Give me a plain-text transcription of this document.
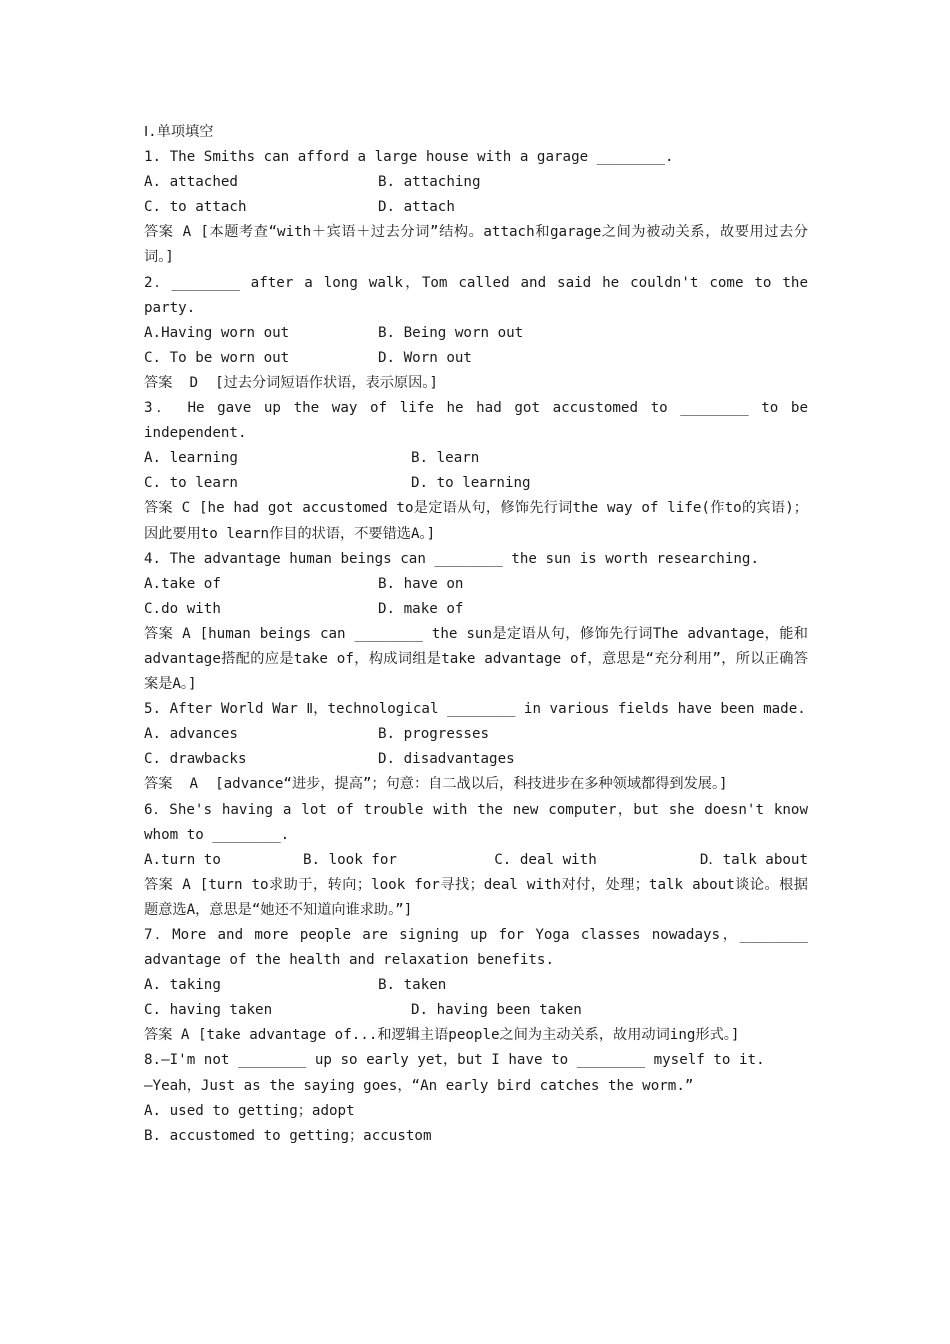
Ⅰ.单项填空
1. The Smiths can afford a large house with a garage ________.
A. attached	B. attaching
C. to attach	D. attach
答案 A [本题考查“with＋宾语＋过去分词”结构。attach和garage之间为被动关系，故要用过去分词。]
2．________ after a long walk，Tom called and said he couldn't come to the party.
A.Having worn out	B. Being worn out
C. To be worn out	D. Worn out
答案  D  [过去分词短语作状语，表示原因。]
3． He gave up the way of life he had got accustomed to ________ to be independent.
A. learning	B. learn
C. to learn	D. to learning
答案 C [he had got accustomed to是定语从句，修饰先行词the way of life(作to的宾语)；因此要用to learn作目的状语，不要错选A。]
4. The advantage human beings can ________ the sun is worth researching.
A.take of	B. have on
C.do with	D. make of
答案 A [human beings can ________ the sun是定语从句，修饰先行词The advantage，能和advantage搭配的应是take of，构成词组是take advantage of，意思是“充分利用”，所以正确答案是A。]
5. After World War Ⅱ，technological ________ in various fields have been made.
A. advances	B. progresses
C. drawbacks	D. disadvantages
答案  A  [advance“进步，提高”；句意：自二战以后，科技进步在多种领域都得到发展。]
6．She's having a lot of trouble with the new computer，but she doesn't know whom to ________.
A.turn to	B. look for	C. deal with	D．talk about
答案 A [turn to求助于，转向；look for寻找；deal with对付，处理；talk about谈论。根据题意选A，意思是“她还不知道向谁求助。”]
7．More and more people are signing up for Yoga classes nowadays，________ advantage of the health and relaxation benefits.
A. taking	B. taken
C. having taken	D. having been taken
答案 A [take advantage of...和逻辑主语people之间为主动关系，故用动词ing形式。]
8.—I'm not ________ up so early yet，but I have to ________ myself to it.
—Yeah，Just as the saying goes，“An early bird catches the worm.”
A. used to getting；adopt
B. accustomed to getting；accustom
